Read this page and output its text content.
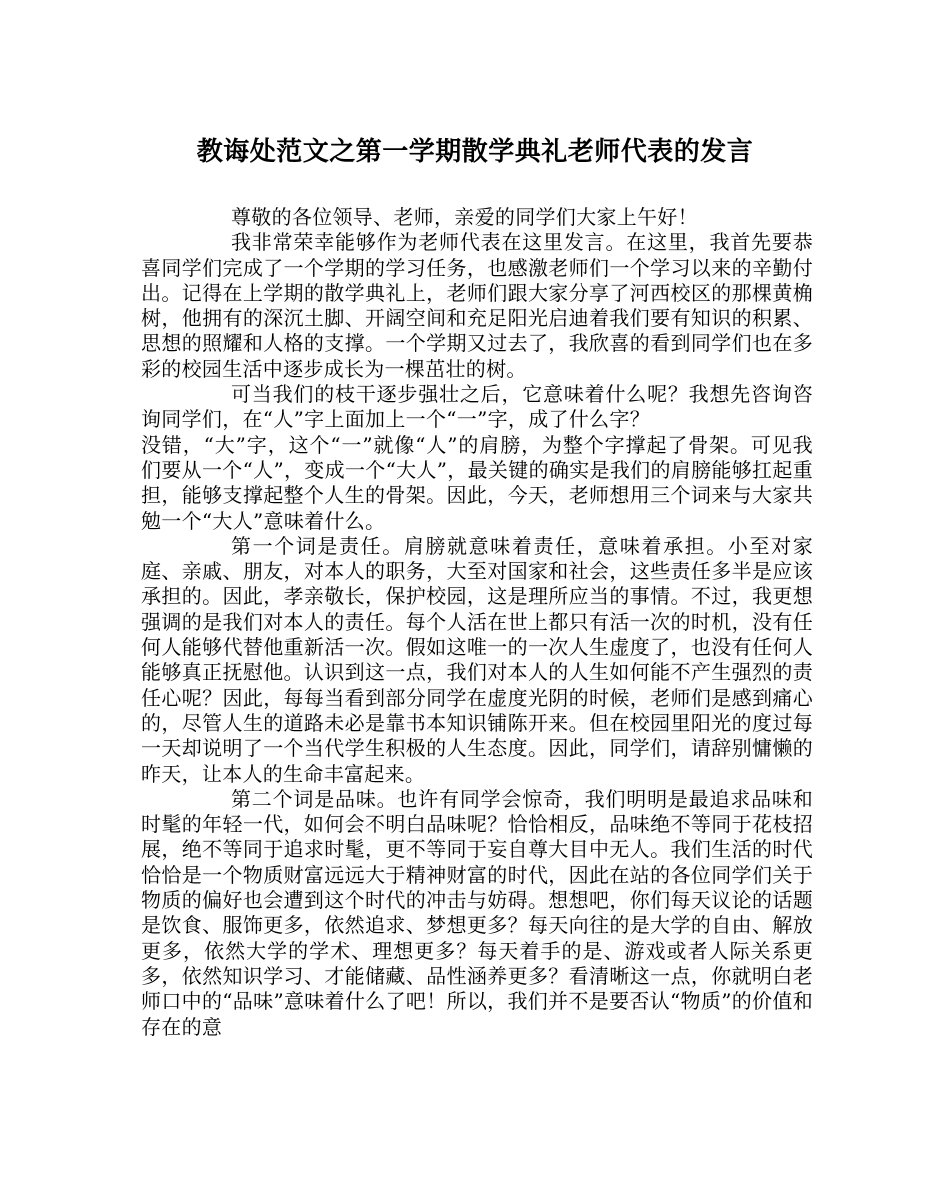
教诲处范文之第一学期散学典礼老师代表的发言

尊敬的各位领导、老师，亲爱的同学们大家上午好！

我非常荣幸能够作为老师代表在这里发言。在这里，我首先要恭喜同学们完成了一个学期的学习任务，也感激老师们一个学习以来的辛勤付出。记得在上学期的散学典礼上，老师们跟大家分享了河西校区的那棵黄桷树，他拥有的深沉土脚、开阔空间和充足阳光启迪着我们要有知识的积累、思想的照耀和人格的支撑。一个学期又过去了，我欣喜的看到同学们也在多彩的校园生活中逐步成长为一棵茁壮的树。

可当我们的枝干逐步强壮之后，它意味着什么呢？我想先咨询咨询同学们，在“人”字上面加上一个“一”字，成了什么字？

没错，“大”字，这个“一”就像“人”的肩膀，为整个字撑起了骨架。可见我们要从一个“人”，变成一个“大人”，最关键的确实是我们的肩膀能够扛起重担，能够支撑起整个人生的骨架。因此，今天，老师想用三个词来与大家共勉一个“大人”意味着什么。

第一个词是责任。肩膀就意味着责任，意味着承担。小至对家庭、亲戚、朋友，对本人的职务，大至对国家和社会，这些责任多半是应该承担的。因此，孝亲敬长，保护校园，这是理所应当的事情。不过，我更想强调的是我们对本人的责任。每个人活在世上都只有活一次的时机，没有任何人能够代替他重新活一次。假如这唯一的一次人生虚度了，也没有任何人能够真正抚慰他。认识到这一点，我们对本人的人生如何能不产生强烈的责任心呢？因此，每每当看到部分同学在虚度光阴的时候，老师们是感到痛心的，尽管人生的道路未必是靠书本知识铺陈开来。但在校园里阳光的度过每一天却说明了一个当代学生积极的人生态度。因此，同学们，请辞别慵懒的昨天，让本人的生命丰富起来。

第二个词是品味。也许有同学会惊奇，我们明明是最追求品味和时髦的年轻一代，如何会不明白品味呢？恰恰相反，品味绝不等同于花枝招展，绝不等同于追求时髦，更不等同于妄自尊大目中无人。我们生活的时代恰恰是一个物质财富远远大于精神财富的时代，因此在站的各位同学们关于物质的偏好也会遭到这个时代的冲击与妨碍。想想吧，你们每天议论的话题是饮食、服饰更多，依然追求、梦想更多？每天向往的是大学的自由、解放更多，依然大学的学术、理想更多？每天着手的是、游戏或者人际关系更多，依然知识学习、才能储藏、品性涵养更多？看清晰这一点，你就明白老师口中的“品味”意味着什么了吧！所以，我们并不是要否认“物质”的价值和存在的意
